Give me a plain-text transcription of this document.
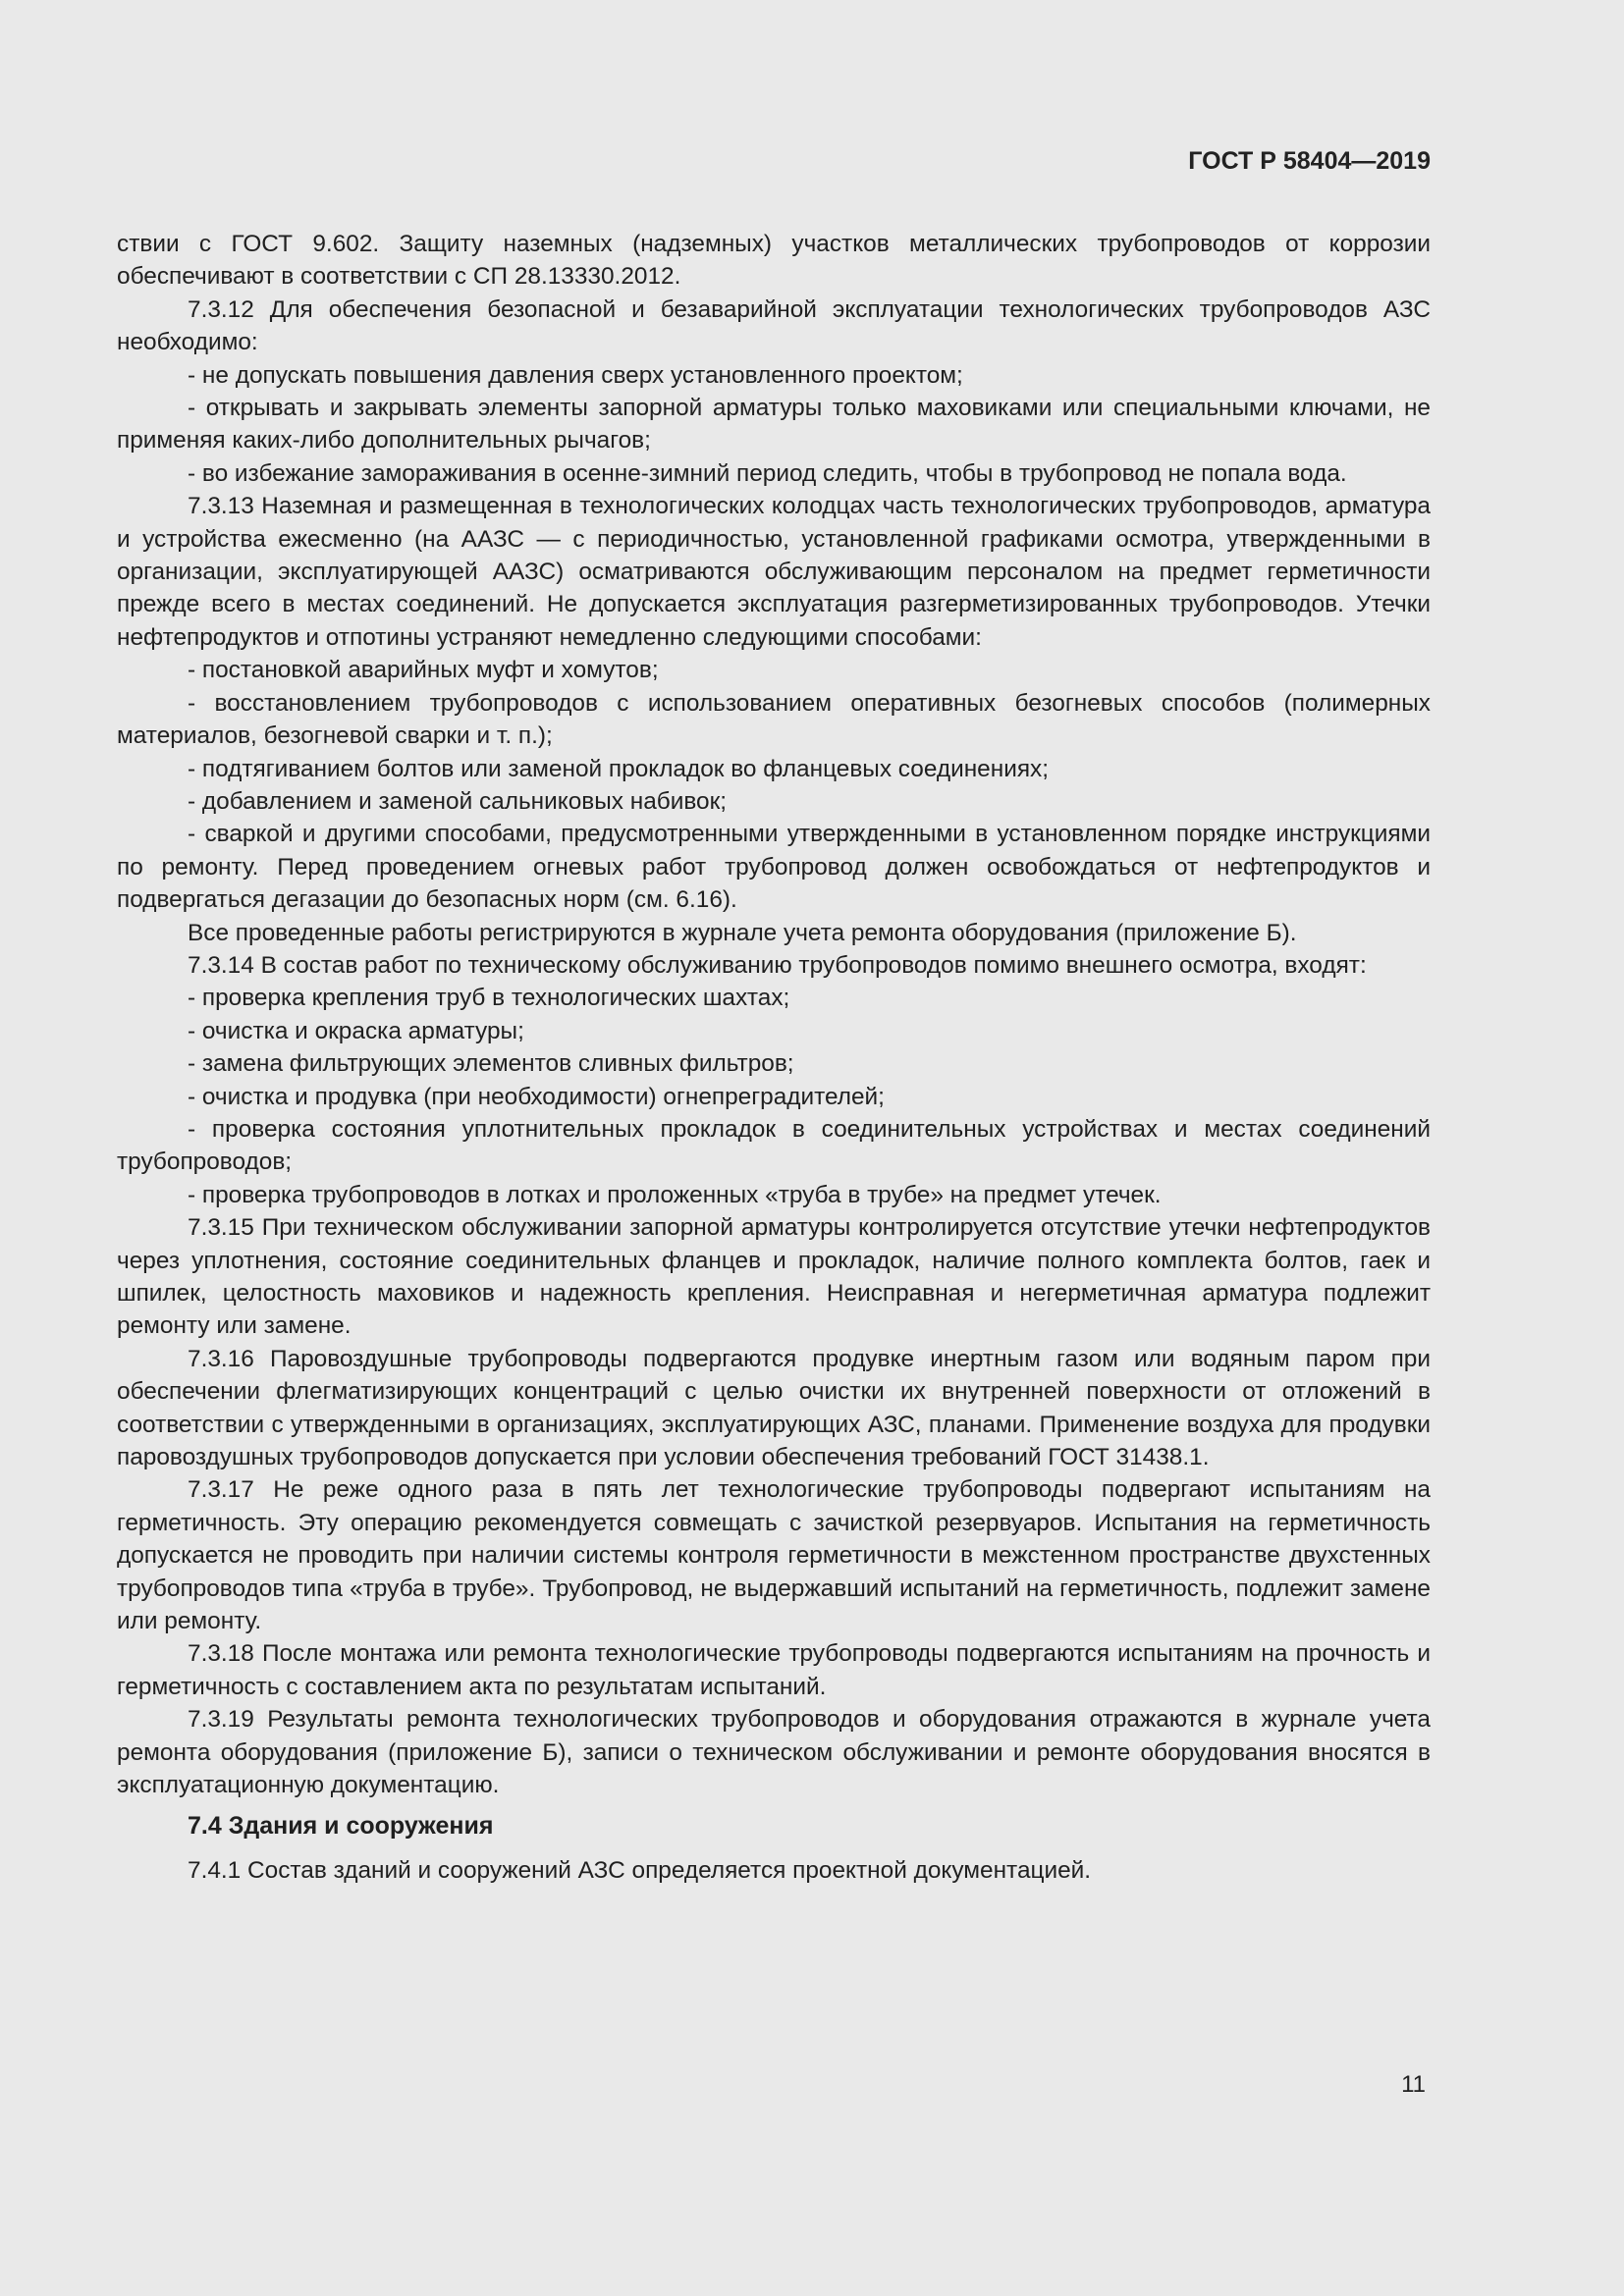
ГОСТ Р 58404—2019

ствии с ГОСТ 9.602. Защиту наземных (надземных) участков металлических трубопроводов от коррозии обеспечивают в соответствии с СП 28.13330.2012.

7.3.12 Для обеспечения безопасной и безаварийной эксплуатации технологических трубопроводов АЗС необходимо:

- не допускать повышения давления сверх установленного проектом;

- открывать и закрывать элементы запорной арматуры только маховиками или специальными ключами, не применяя каких-либо дополнительных рычагов;

- во избежание замораживания в осенне-зимний период следить, чтобы в трубопровод не попала вода.

7.3.13 Наземная и размещенная в технологических колодцах часть технологических трубопроводов, арматура и устройства ежесменно (на ААЗС — с периодичностью, установленной графиками осмотра, утвержденными в организации, эксплуатирующей ААЗС) осматриваются обслуживающим персоналом на предмет герметичности прежде всего в местах соединений. Не допускается эксплуатация разгерметизированных трубопроводов. Утечки нефтепродуктов и отпотины устраняют немедленно следующими способами:

- постановкой аварийных муфт и хомутов;

- восстановлением трубопроводов с использованием оперативных безогневых способов (полимерных материалов, безогневой сварки и т. п.);

- подтягиванием болтов или заменой прокладок во фланцевых соединениях;

- добавлением и заменой сальниковых набивок;

- сваркой и другими способами, предусмотренными утвержденными в установленном порядке инструкциями по ремонту. Перед проведением огневых работ трубопровод должен освобождаться от нефтепродуктов и подвергаться дегазации до безопасных норм (см. 6.16).

Все проведенные работы регистрируются в журнале учета ремонта оборудования (приложение Б).

7.3.14 В состав работ по техническому обслуживанию трубопроводов помимо внешнего осмотра, входят:

- проверка крепления труб в технологических шахтах;

- очистка и окраска арматуры;

- замена фильтрующих элементов сливных фильтров;

- очистка и продувка (при необходимости) огнепреградителей;

- проверка состояния уплотнительных прокладок в соединительных устройствах и местах соединений трубопроводов;

- проверка трубопроводов в лотках и проложенных «труба в трубе» на предмет утечек.

7.3.15 При техническом обслуживании запорной арматуры контролируется отсутствие утечки нефтепродуктов через уплотнения, состояние соединительных фланцев и прокладок, наличие полного комплекта болтов, гаек и шпилек, целостность маховиков и надежность крепления. Неисправная и негерметичная арматура подлежит ремонту или замене.

7.3.16 Паровоздушные трубопроводы подвергаются продувке инертным газом или водяным паром при обеспечении флегматизирующих концентраций с целью очистки их внутренней поверхности от отложений в соответствии с утвержденными в организациях, эксплуатирующих АЗС, планами. Применение воздуха для продувки паровоздушных трубопроводов допускается при условии обеспечения требований ГОСТ 31438.1.

7.3.17 Не реже одного раза в пять лет технологические трубопроводы подвергают испытаниям на герметичность. Эту операцию рекомендуется совмещать с зачисткой резервуаров. Испытания на герметичность допускается не проводить при наличии системы контроля герметичности в межстенном пространстве двухстенных трубопроводов типа «труба в трубе». Трубопровод, не выдержавший испытаний на герметичность, подлежит замене или ремонту.

7.3.18 После монтажа или ремонта технологические трубопроводы подвергаются испытаниям на прочность и герметичность с составлением акта по результатам испытаний.

7.3.19 Результаты ремонта технологических трубопроводов и оборудования отражаются в журнале учета ремонта оборудования (приложение Б), записи о техническом обслуживании и ремонте оборудования вносятся в эксплуатационную документацию.

7.4 Здания и сооружения

7.4.1 Состав зданий и сооружений АЗС определяется проектной документацией.

11
